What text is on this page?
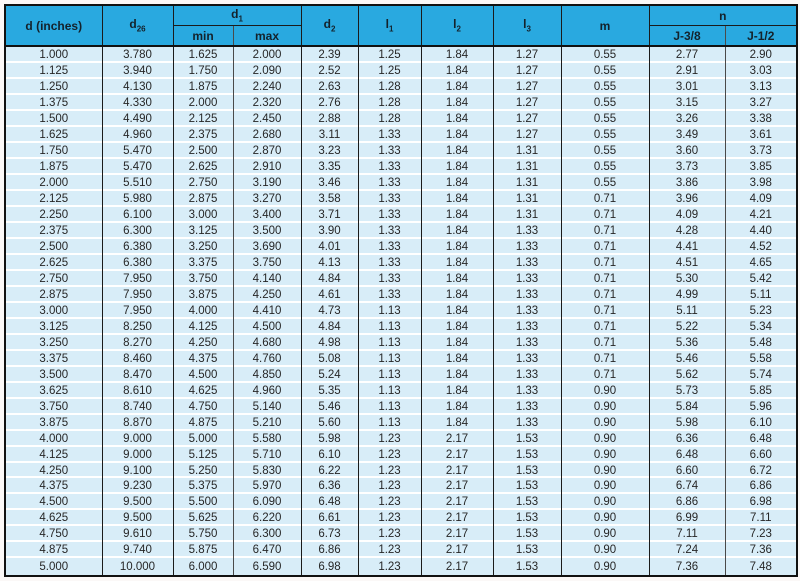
d (inches)	$d_{26}$	$d_1$		$d_2$	$l_1$	$l_2$	$l_3$	m	n	
		min	max						J-3/8	J-1/2
1.000	3.780	1.625	2.000	2.39	1.25	1.84	1.27	0.55	2.77	2.90
1.125	3.940	1.750	2.090	2.52	1.25	1.84	1.27	0.55	2.91	3.03
1.250	4.130	1.875	2.240	2.63	1.28	1.84	1.27	0.55	3.01	3.13
1.375	4.330	2.000	2.320	2.76	1.28	1.84	1.27	0.55	3.15	3.27
1.500	4.490	2.125	2.450	2.88	1.28	1.84	1.27	0.55	3.26	3.38
1.625	4.960	2.375	2.680	3.11	1.33	1.84	1.27	0.55	3.49	3.61
1.750	5.470	2.500	2.870	3.23	1.33	1.84	1.31	0.55	3.60	3.73
1.875	5.470	2.625	2.910	3.35	1.33	1.84	1.31	0.55	3.73	3.85
2.000	5.510	2.750	3.190	3.46	1.33	1.84	1.31	0.55	3.86	3.98
2.125	5.980	2.875	3.270	3.58	1.33	1.84	1.31	0.71	3.96	4.09
2.250	6.100	3.000	3.400	3.71	1.33	1.84	1.31	0.71	4.09	4.21
2.375	6.300	3.125	3.500	3.90	1.33	1.84	1.33	0.71	4.28	4.40
2.500	6.380	3.250	3.690	4.01	1.33	1.84	1.33	0.71	4.41	4.52
2.625	6.380	3.375	3.750	4.13	1.33	1.84	1.33	0.71	4.51	4.65
2.750	7.950	3.750	4.140	4.84	1.33	1.84	1.33	0.71	5.30	5.42
2.875	7.950	3.875	4.250	4.61	1.33	1.84	1.33	0.71	4.99	5.11
3.000	7.950	4.000	4.410	4.73	1.13	1.84	1.33	0.71	5.11	5.23
3.125	8.250	4.125	4.500	4.84	1.13	1.84	1.33	0.71	5.22	5.34
3.250	8.270	4.250	4.680	4.98	1.13	1.84	1.33	0.71	5.36	5.48
3.375	8.460	4.375	4.760	5.08	1.13	1.84	1.33	0.71	5.46	5.58
3.500	8.470	4.500	4.850	5.24	1.13	1.84	1.33	0.71	5.62	5.74
3.625	8.610	4.625	4.960	5.35	1.13	1.84	1.33	0.90	5.73	5.85
3.750	8.740	4.750	5.140	5.46	1.13	1.84	1.33	0.90	5.84	5.96
3.875	8.870	4.875	5.210	5.60	1.13	1.84	1.33	0.90	5.98	6.10
4.000	9.000	5.000	5.580	5.98	1.23	2.17	1.53	0.90	6.36	6.48
4.125	9.000	5.125	5.710	6.10	1.23	2.17	1.53	0.90	6.48	6.60
4.250	9.100	5.250	5.830	6.22	1.23	2.17	1.53	0.90	6.60	6.72
4.375	9.230	5.375	5.970	6.36	1.23	2.17	1.53	0.90	6.74	6.86
4.500	9.500	5.500	6.090	6.48	1.23	2.17	1.53	0.90	6.86	6.98
4.625	9.500	5.625	6.220	6.61	1.23	2.17	1.53	0.90	6.99	7.11
4.750	9.610	5.750	6.300	6.73	1.23	2.17	1.53	0.90	7.11	7.23
4.875	9.740	5.875	6.470	6.86	1.23	2.17	1.53	0.90	7.24	7.36
5.000	10.000	6.000	6.590	6.98	1.23	2.17	1.53	0.90	7.36	7.48
